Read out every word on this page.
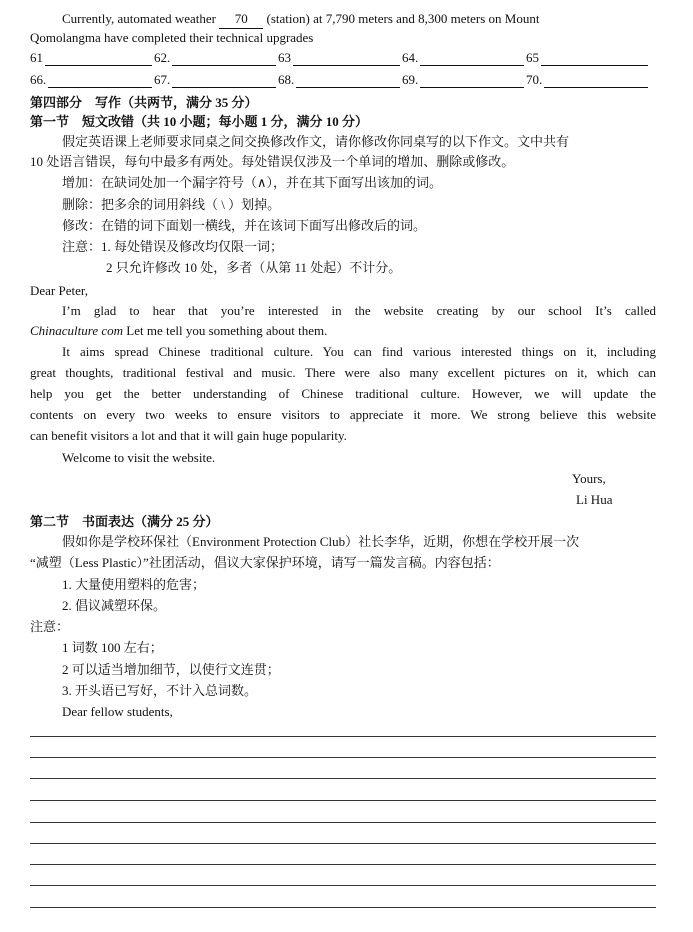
Currently, automated weather 70 (station) at 7,790 meters and 8,300 meters on Mount
Qomolangma have completed their technical upgrades
61	62.	63	64.	65
66.	67.	68.	69.	70.
第四部分　写作（共两节，满分 35 分）
第一节　短文改错（共 10 小题；每小题 1 分，满分 10 分）
假定英语课上老师要求同桌之间交换修改作文，请你修改你同桌写的以下作文。文中共有
10 处语言错误，每句中最多有两处。每处错误仅涉及一个单词的增加、删除或修改。
增加：在缺词处加一个漏字符号（∧），并在其下面写出该加的词。
删除：把多余的词用斜线（ \ ）划掉。
修改：在错的词下面划一横线，并在该词下面写出修改后的词。
注意：1. 每处错误及修改均仅限一词；
2 只允许修改 10 处，多者（从第 11 处起）不计分。
Dear Peter,
I’m glad to hear that you’re interested in the website creating by our school It’s called
Chinaculture com Let me tell you something about them.
It aims spread Chinese traditional culture. You can find various interested things on it, including
great thoughts, traditional festival and music. There were also many excellent pictures on it, which can
help you get the better understanding of Chinese traditional culture. However, we will update the
contents on every two weeks to ensure visitors to appreciate it more. We strong believe this website
can benefit visitors a lot and that it will gain huge popularity.
Welcome to visit the website.
Yours,
Li Hua
第二节　书面表达（满分 25 分）
假如你是学校环保社（Environment Protection Club）社长李华，近期，你想在学校开展一次
“减塑（Less Plastic）”社团活动，倡议大家保护环境，请写一篇发言稿。内容包括：
1. 大量使用塑料的危害；
2. 倡议减塑环保。
注意：
1 词数 100 左右；
2 可以适当增加细节，以使行文连贯；
3. 开头语已写好，不计入总词数。
Dear fellow students,
